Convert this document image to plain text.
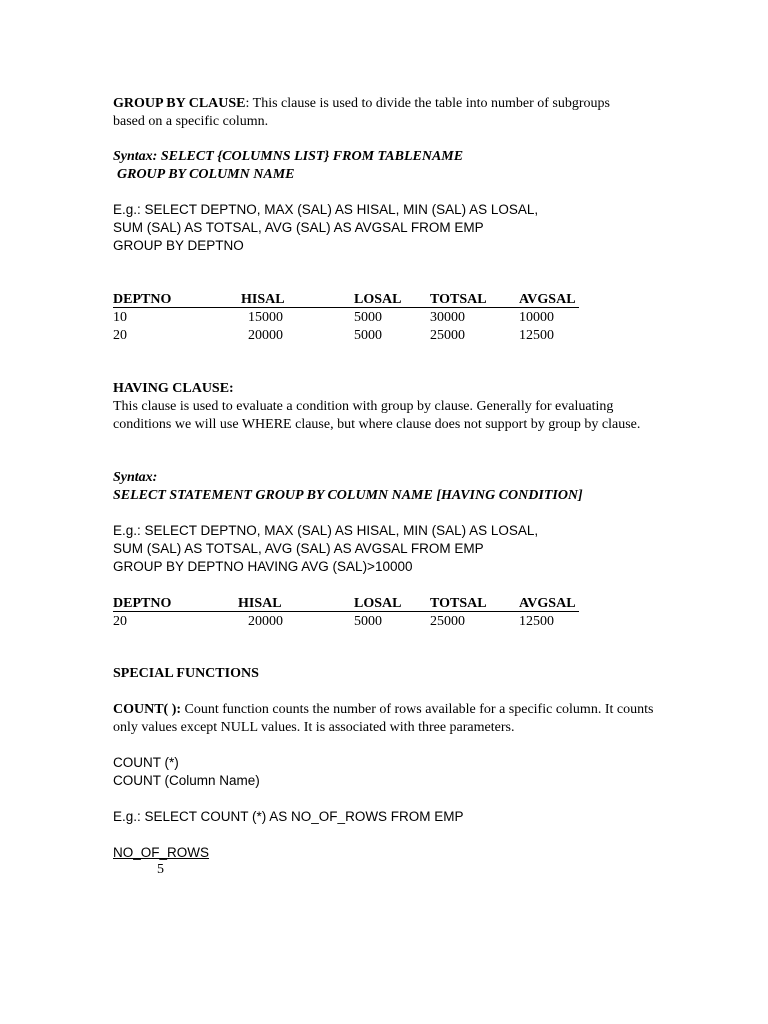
GROUP BY CLAUSE: This clause is used to divide the table into number of subgroups
based on a specific column.
Syntax: SELECT {COLUMNS LIST} FROM TABLENAME
GROUP BY COLUMN NAME
E.g.: SELECT DEPTNO, MAX (SAL) AS HISAL, MIN (SAL) AS LOSAL,
SUM (SAL) AS TOTSAL, AVG (SAL) AS AVGSAL FROM EMP
GROUP BY DEPTNO
DEPTNO	HISAL	LOSAL TOTSAL AVGSAL
10	15000	5000	30000	10000
20	20000	5000	25000	12500
HAVING CLAUSE:
This clause is used to evaluate a condition with group by clause. Generally for evaluating conditions we will use WHERE clause, but where clause does not support by group by clause.
Syntax:
SELECT STATEMENT GROUP BY COLUMN NAME [HAVING CONDITION]
E.g.: SELECT DEPTNO, MAX (SAL) AS HISAL, MIN (SAL) AS LOSAL,
SUM (SAL) AS TOTSAL, AVG (SAL) AS AVGSAL FROM EMP
GROUP BY DEPTNO HAVING AVG (SAL)>10000
DEPTNO	HISAL	LOSAL TOTSAL AVGSAL
20	20000	5000	25000	12500
SPECIAL FUNCTIONS
COUNT( ): Count function counts the number of rows available for a specific column. It counts only values except NULL values. It is associated with three parameters.
COUNT (*)
COUNT (Column Name)
E.g.: SELECT COUNT (*) AS NO_OF_ROWS FROM EMP
NO_OF_ROWS
5
